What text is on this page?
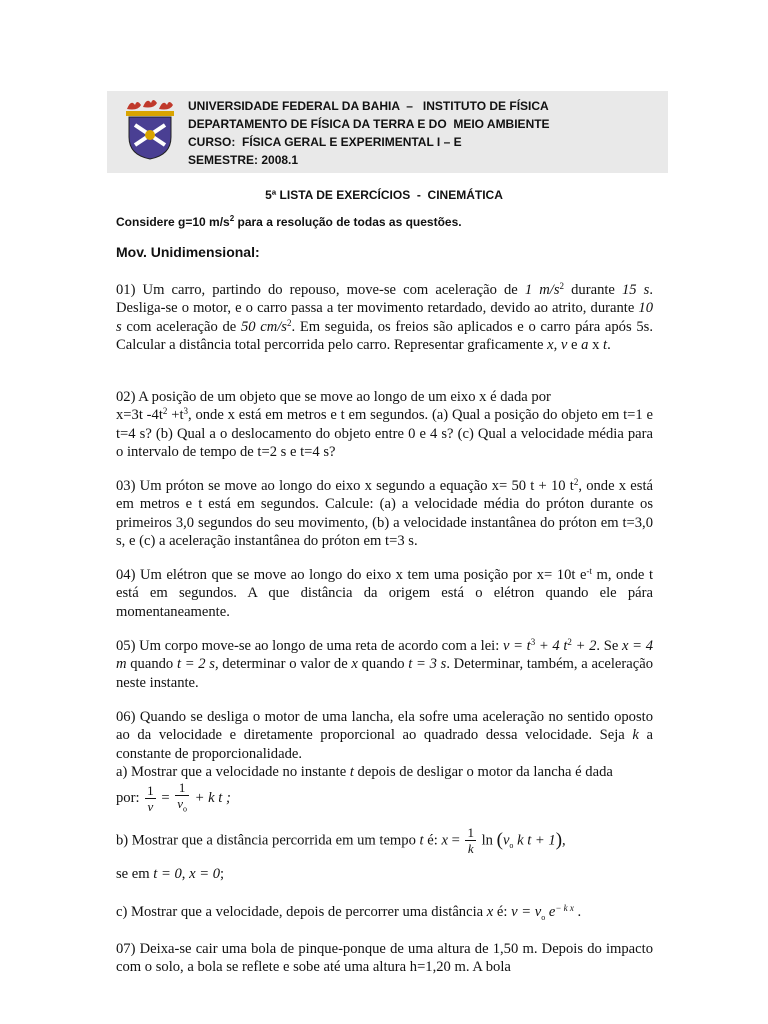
UNIVERSIDADE FEDERAL DA BAHIA  –   INSTITUTO DE FÍSICA
DEPARTAMENTO DE FÍSICA DA TERRA E DO  MEIO AMBIENTE
CURSO:  FÍSICA GERAL E EXPERIMENTAL I – E
SEMESTRE: 2008.1
5ª LISTA DE EXERCÍCIOS  -  CINEMÁTICA
Considere g=10 $m/s^2$ para a resolução de todas as questões.
Mov. Unidimensional:
01) Um carro, partindo do repouso, move-se com aceleração de 1 $m/s^2$ durante 15 s. Desliga-se o motor, e o carro passa a ter movimento retardado, devido ao atrito, durante 10 s com aceleração de 50 $cm/s^2$. Em seguida, os freios são aplicados e o carro pára após 5s. Calcular a distância total percorrida pelo carro. Representar graficamente x, v e a x t.
02) A posição de um objeto que se move ao longo de um eixo x é dada por
x=3t $-4t^2 +t^3$, onde x está em metros e t em segundos. (a) Qual a posição do objeto em t=1 e t=4 s? (b) Qual a o deslocamento do objeto entre 0 e 4 s? (c) Qual a velocidade média para o intervalo de tempo de t=2 s e t=4 s?
03) Um próton se move ao longo do eixo x segundo a equação x= 50 t + 10 $t^2$, onde x está em metros e t está em segundos. Calcule: (a) a velocidade média do próton durante os primeiros 3,0 segundos do seu movimento, (b) a velocidade instantânea do próton em t=3,0 s, e (c) a aceleração instantânea do próton em t=3 s.
04) Um elétron que se move ao longo do eixo x tem uma posição por x= 10t $e^{-t}$ m, onde t está em segundos. A que distância da origem está o elétron quando ele pára momentaneamente.
05) Um corpo move-se ao longo de uma reta de acordo com a lei: $v = t^3 + 4$ $t^2 + 2$. Se x = 4 m quando t = 2 s, determinar o valor de x quando t = 3 s. Determinar, também, a aceleração neste instante.
06) Quando se desliga o motor de uma lancha, ela sofre uma aceleração no sentido oposto ao da velocidade e diretamente proporcional ao quadrado dessa velocidade. Seja k a constante de proporcionalidade.
a) Mostrar que a velocidade no instante t depois de desligar o motor da lancha é dada
por: $\frac{1}{v} = \frac{1}{v_o} + k$ t ;
b) Mostrar que a distância percorrida em um tempo t é: $x = \frac{1}{k}$ $\ln (v_o$ k t + 1),
se em t = 0, x = 0;
c) Mostrar que a velocidade, depois de percorrer uma distância x é: $v = v_o$ $e^{- k x}$ .
07) Deixa-se cair uma bola de pinque-ponque de uma altura de 1,50 m. Depois do impacto com o solo, a bola se reflete e sobe até uma altura h=1,20 m. A bola
